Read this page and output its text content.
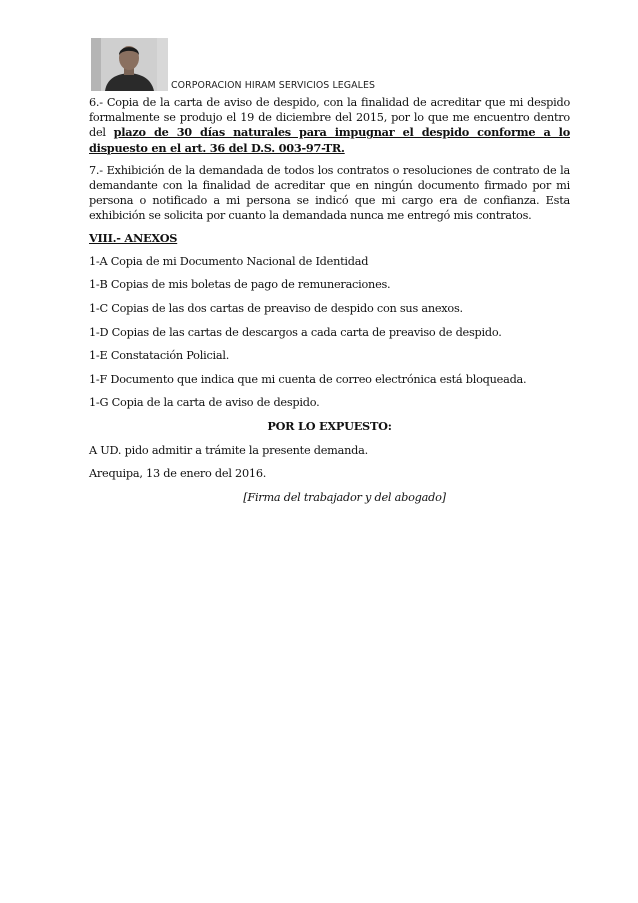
CORPORACION HIRAM SERVICIOS LEGALES

6.- Copia de la carta de aviso de despido, con la finalidad de acreditar que mi despido formalmente se produjo el 19 de diciembre del 2015, por lo que me encuentro dentro del plazo de 30 días naturales para impugnar el despido conforme a lo dispuesto en el art. 36 del D.S. 003-97-TR.

7.- Exhibición de la demandada de todos los contratos o resoluciones de contrato de la demandante con la finalidad de acreditar que en ningún documento firmado por mi persona o notificado a mi persona se indicó que mi cargo era de confianza. Esta exhibición se solicita por cuanto la demandada nunca me entregó mis contratos.

VIII.- ANEXOS

1-A Copia de mi Documento Nacional de Identidad

1-B Copias de mis boletas de pago de remuneraciones.

1-C Copias de las dos cartas de preaviso de despido con sus anexos.

1-D Copias de las cartas de descargos a cada carta de preaviso de despido.

1-E Constatación Policial.

1-F Documento que indica que mi cuenta de correo electrónica está bloqueada.

1-G Copia de la carta de aviso de despido.

POR LO EXPUESTO:

A UD. pido admitir a trámite la presente demanda.

Arequipa, 13 de enero del 2016.

[Firma del trabajador y del abogado]
